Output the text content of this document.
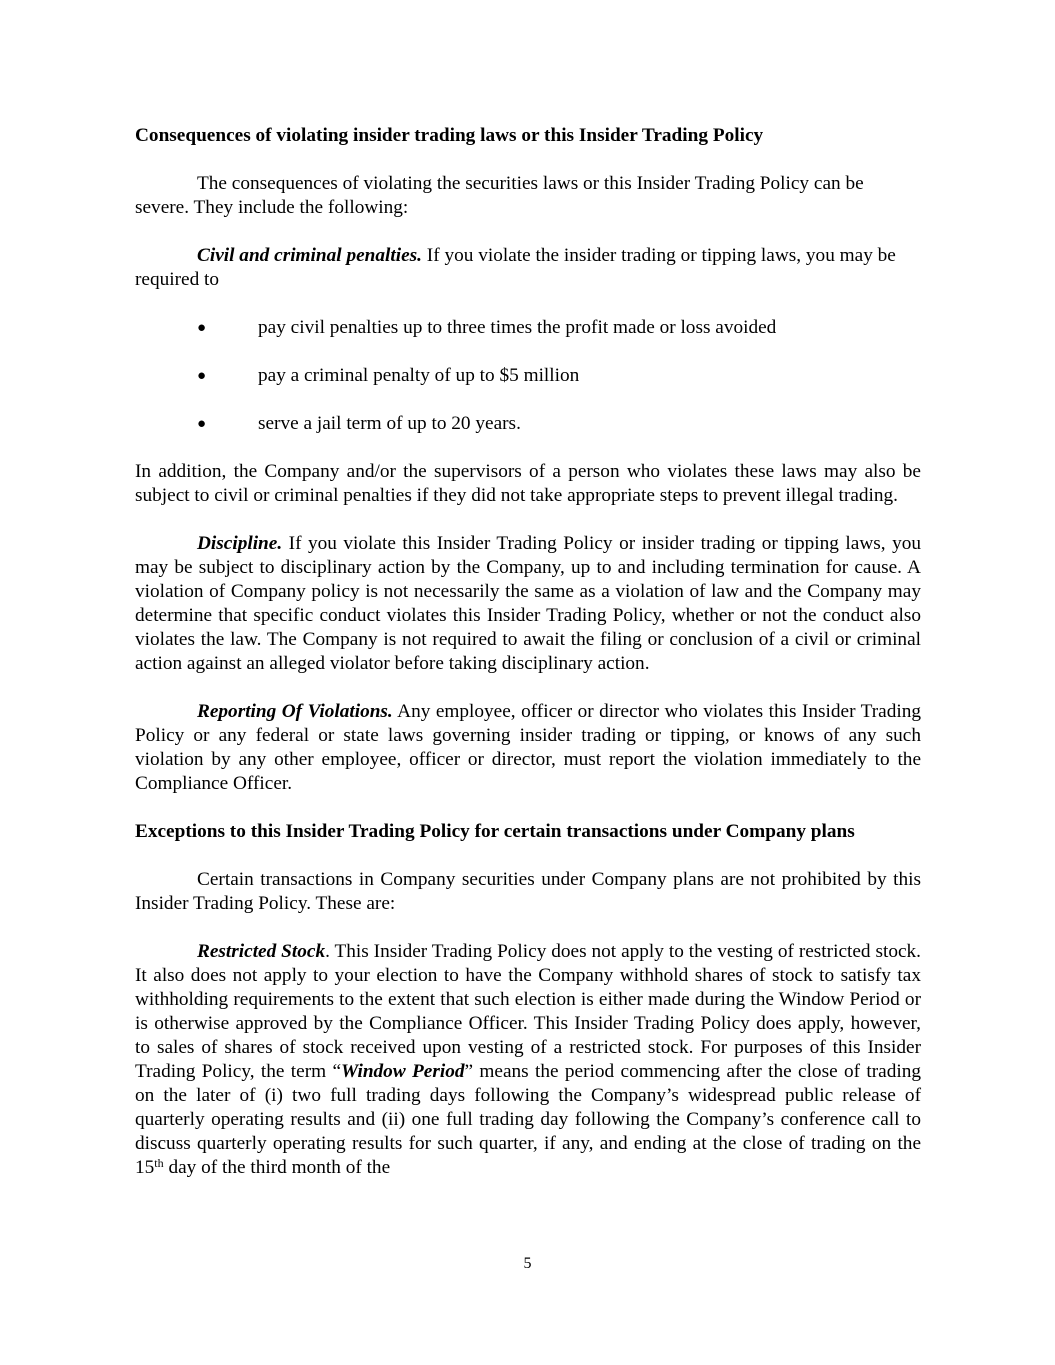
Consequences of violating insider trading laws or this Insider Trading Policy

The consequences of violating the securities laws or this Insider Trading Policy can be severe. They include the following:

Civil and criminal penalties. If you violate the insider trading or tipping laws, you may be required to

●	pay civil penalties up to three times the profit made or loss avoided
●	pay a criminal penalty of up to $5 million
●	serve a jail term of up to 20 years.

In addition, the Company and/or the supervisors of a person who violates these laws may also be subject to civil or criminal penalties if they did not take appropriate steps to prevent illegal trading.

Discipline. If you violate this Insider Trading Policy or insider trading or tipping laws, you may be subject to disciplinary action by the Company, up to and including termination for cause. A violation of Company policy is not necessarily the same as a violation of law and the Company may determine that specific conduct violates this Insider Trading Policy, whether or not the conduct also violates the law. The Company is not required to await the filing or conclusion of a civil or criminal action against an alleged violator before taking disciplinary action.

Reporting Of Violations. Any employee, officer or director who violates this Insider Trading Policy or any federal or state laws governing insider trading or tipping, or knows of any such violation by any other employee, officer or director, must report the violation immediately to the Compliance Officer.

Exceptions to this Insider Trading Policy for certain transactions under Company plans

Certain transactions in Company securities under Company plans are not prohibited by this Insider Trading Policy. These are:

Restricted Stock. This Insider Trading Policy does not apply to the vesting of restricted stock. It also does not apply to your election to have the Company withhold shares of stock to satisfy tax withholding requirements to the extent that such election is either made during the Window Period or is otherwise approved by the Compliance Officer. This Insider Trading Policy does apply, however, to sales of shares of stock received upon vesting of a restricted stock. For purposes of this Insider Trading Policy, the term “Window Period” means the period commencing after the close of trading on the later of (i) two full trading days following the Company’s widespread public release of quarterly operating results and (ii) one full trading day following the Company’s conference call to discuss quarterly operating results for such quarter, if any, and ending at the close of trading on the 15th day of the third month of the

5
